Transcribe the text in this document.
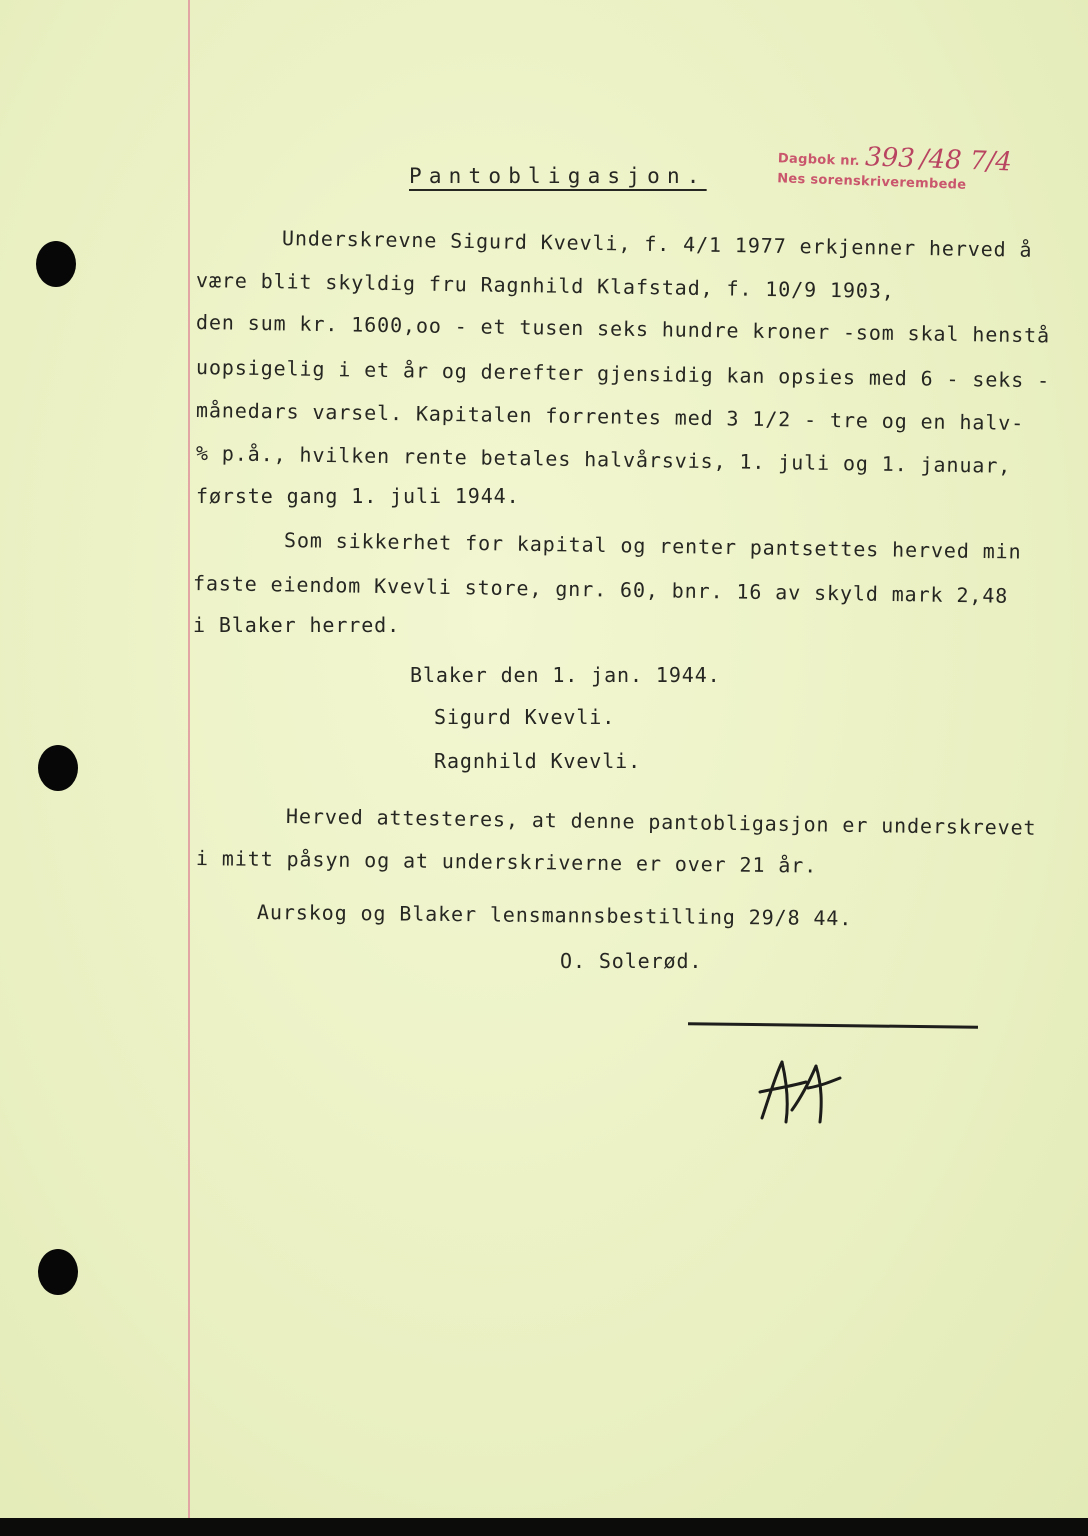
Dagbok nr. 393 /48 7/4
Nes sorenskriverembede
Pantobligasjon.
Underskrevne Sigurd Kvevli, f. 4/1 1977 erkjenner herved å
være blit skyldig fru Ragnhild Klafstad, f. 10/9 1903,
den sum kr. 1600,oo - et tusen seks hundre kroner -som skal henstå
uopsigelig i et år og derefter gjensidig kan opsies med 6 - seks -
månedars varsel. Kapitalen forrentes med 3 1/2 - tre og en halv-
% p.å., hvilken rente betales halvårsvis, 1. juli og 1. januar,
første gang 1. juli 1944.
Som sikkerhet for kapital og renter pantsettes herved min
faste eiendom Kvevli store, gnr. 60, bnr. 16 av skyld mark 2,48
i Blaker herred.
Blaker den 1. jan. 1944.
Sigurd Kvevli.
Ragnhild Kvevli.
Herved attesteres, at denne pantobligasjon er underskrevet
i mitt påsyn og at underskriverne er over 21 år.
Aurskog og Blaker lensmannsbestilling 29/8 44.
O. Solerød.
